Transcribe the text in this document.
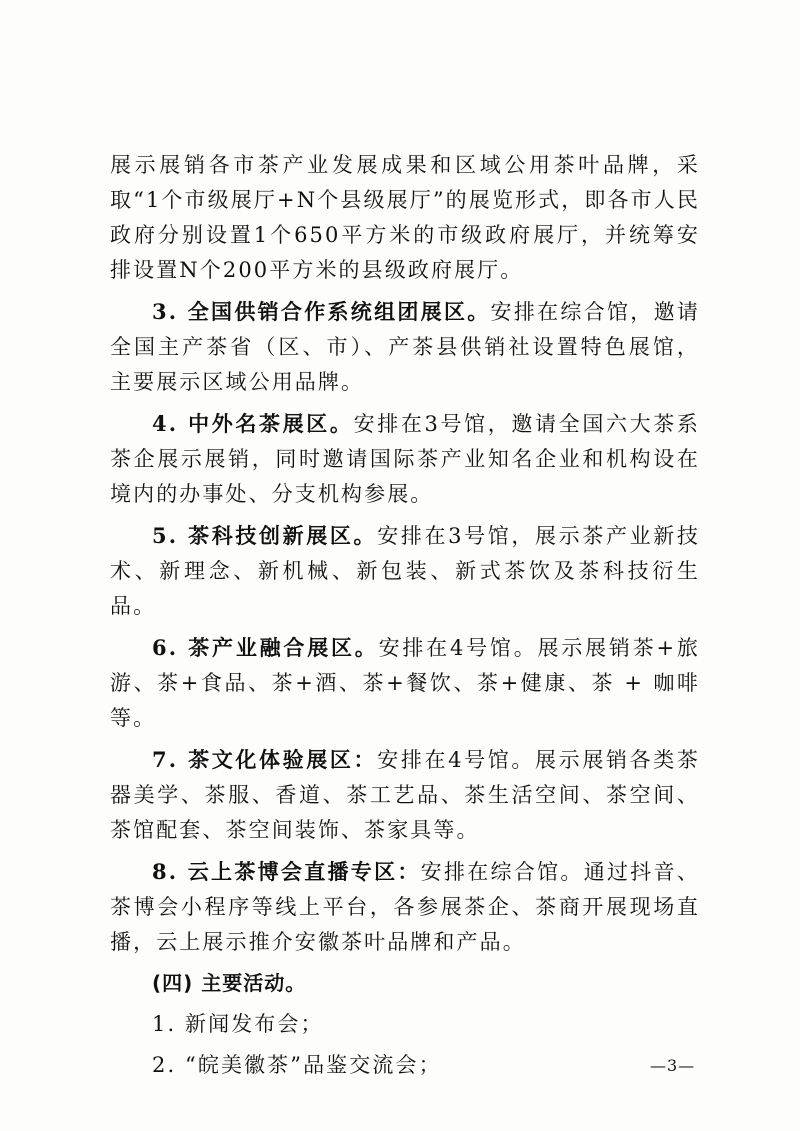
展示展销各市茶产业发展成果和区域公用茶叶品牌，采取“1个市级展厅+N个县级展厅”的展览形式，即各市人民政府分别设置1个650平方米的市级政府展厅，并统筹安排设置N个200平方米的县级政府展厅。

3. 全国供销合作系统组团展区。安排在综合馆，邀请全国主产茶省（区、市）、产茶县供销社设置特色展馆，主要展示区域公用品牌。

4. 中外名茶展区。安排在3号馆，邀请全国六大茶系茶企展示展销，同时邀请国际茶产业知名企业和机构设在境内的办事处、分支机构参展。

5. 茶科技创新展区。安排在3号馆，展示茶产业新技术、新理念、新机械、新包装、新式茶饮及茶科技衍生品。

6. 茶产业融合展区。安排在4号馆。展示展销茶+旅游、茶+食品、茶+酒、茶+餐饮、茶+健康、茶 + 咖啡等。

7. 茶文化体验展区：安排在4号馆。展示展销各类茶器美学、茶服、香道、茶工艺品、茶生活空间、茶空间、茶馆配套、茶空间装饰、茶家具等。

8. 云上茶博会直播专区：安排在综合馆。通过抖音、茶博会小程序等线上平台，各参展茶企、茶商开展现场直播，云上展示推介安徽茶叶品牌和产品。

(四) 主要活动。

1. 新闻发布会；

2. “皖美徽茶”品鉴交流会；	—3—
